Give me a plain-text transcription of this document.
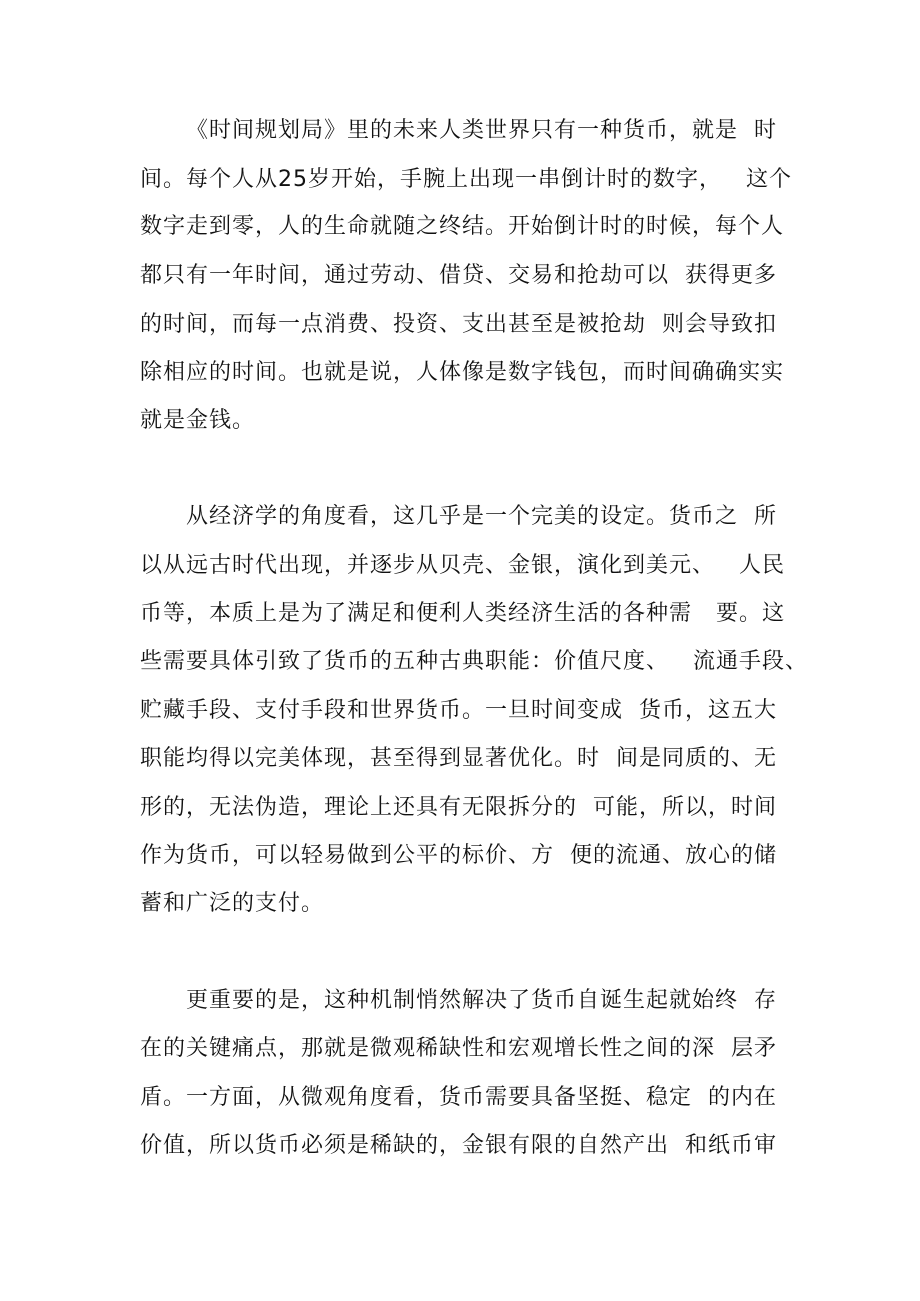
《时间规划局》里的未来人类世界只有一种货币，就是  时
间。每个人从25岁开始，手腕上出现一串倒计时的数字，   这个
数字走到零，人的生命就随之终结。开始倒计时的时候，每个人
都只有一年时间，通过劳动、借贷、交易和抢劫可以  获得更多
的时间，而每一点消费、投资、支出甚至是被抢劫  则会导致扣
除相应的时间。也就是说，人体像是数字钱包，而时间确确实实
就是金钱。
从经济学的角度看，这几乎是一个完美的设定。货币之  所
以从远古时代出现，并逐步从贝壳、金银，演化到美元、   人民
币等，本质上是为了满足和便利人类经济生活的各种需   要。这
些需要具体引致了货币的五种古典职能：价值尺度、   流通手段、
贮藏手段、支付手段和世界货币。一旦时间变成  货币，这五大
职能均得以完美体现，甚至得到显著优化。时  间是同质的、无
形的，无法伪造，理论上还具有无限拆分的  可能，所以，时间
作为货币，可以轻易做到公平的标价、方  便的流通、放心的储
蓄和广泛的支付。
更重要的是，这种机制悄然解决了货币自诞生起就始终  存
在的关键痛点，那就是微观稀缺性和宏观增长性之间的深  层矛
盾。一方面，从微观角度看，货币需要具备坚挺、稳定  的内在
价值，所以货币必须是稀缺的，金银有限的自然产出  和纸币审
